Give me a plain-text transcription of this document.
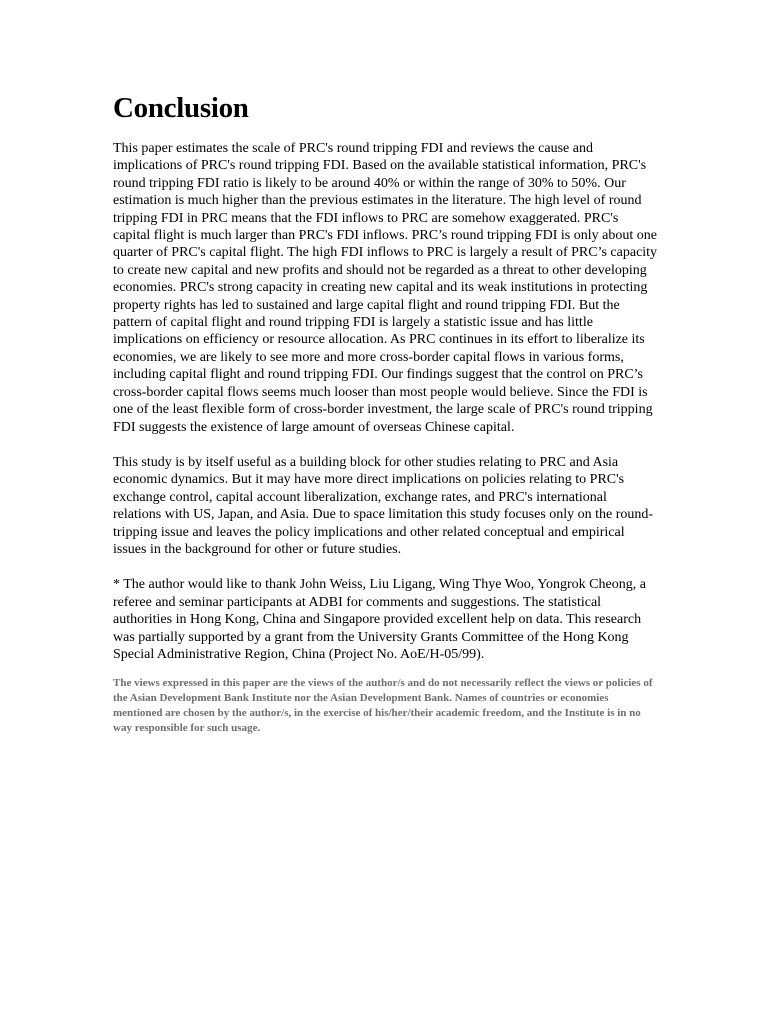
Conclusion

This paper estimates the scale of PRC's round tripping FDI and reviews the cause and implications of PRC's round tripping FDI. Based on the available statistical information, PRC's round tripping FDI ratio is likely to be around 40% or within the range of 30% to 50%. Our estimation is much higher than the previous estimates in the literature. The high level of round tripping FDI in PRC means that the FDI inflows to PRC are somehow exaggerated. PRC's capital flight is much larger than PRC's FDI inflows. PRC’s round tripping FDI is only about one quarter of PRC's capital flight. The high FDI inflows to PRC is largely a result of PRC’s capacity to create new capital and new profits and should not be regarded as a threat to other developing economies. PRC's strong capacity in creating new capital and its weak institutions in protecting property rights has led to sustained and large capital flight and round tripping FDI. But the pattern of capital flight and round tripping FDI is largely a statistic issue and has little implications on efficiency or resource allocation. As PRC continues in its effort to liberalize its economies, we are likely to see more and more cross-border capital flows in various forms, including capital flight and round tripping FDI. Our findings suggest that the control on PRC’s cross-border capital flows seems much looser than most people would believe. Since the FDI is one of the least flexible form of cross-border investment, the large scale of PRC's round tripping FDI suggests the existence of large amount of overseas Chinese capital.

This study is by itself useful as a building block for other studies relating to PRC and Asia economic dynamics. But it may have more direct implications on policies relating to PRC's exchange control, capital account liberalization, exchange rates, and PRC's international relations with US, Japan, and Asia. Due to space limitation this study focuses only on the round-tripping issue and leaves the policy implications and other related conceptual and empirical issues in the background for other or future studies.

* The author would like to thank John Weiss, Liu Ligang, Wing Thye Woo, Yongrok Cheong, a referee and seminar participants at ADBI for comments and suggestions. The statistical authorities in Hong Kong, China and Singapore provided excellent help on data. This research was partially supported by a grant from the University Grants Committee of the Hong Kong Special Administrative Region, China (Project No. AoE/H-05/99).

The views expressed in this paper are the views of the author/s and do not necessarily reflect the views or policies of the Asian Development Bank Institute nor the Asian Development Bank. Names of countries or economies mentioned are chosen by the author/s, in the exercise of his/her/their academic freedom, and the Institute is in no way responsible for such usage.
